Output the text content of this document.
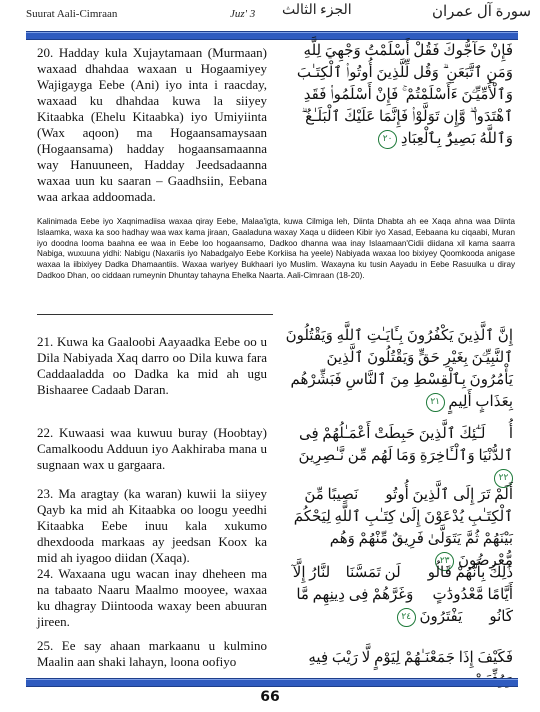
Suurat Aali-Cimraan	Juz' 3 الجزء الثالث	سورة آل عمران
20. Hadday kula Xujaytamaan (Murmaan) waxaad dhahdaa waxaan u Hogaamiyey Wajigayga Eebe (Ani) iyo inta i raacday, waxaad ku dhahdaa kuwa la siiyey Kitaabka (Ehelu Kitaabka) iyo Umiyiinta (Wax aqoon) ma Hogaansamaysaan (Hogaansama) hadday hogaansamaanna way Hanuuneen, Hadday Jeedsadaanna waxaa uun ku saaran – Gaadhsiin, Eebana waa arkaa addoomada.
فَإِنْ حَآجُّوكَ فَقُلْ أَسْلَمْتُ وَجْهِيَ لِلَّهِ وَمَنِ ٱتَّبَعَنِ ۗ وَقُل لِّلَّذِينَ أُوتُوا۟ ٱلْكِتَـٰبَ وَٱلْأُمِّيِّـۧنَ ءَأَسْلَمْتُمْ ۚ فَإِنْ أَسْلَمُوا۟ فَقَدِ ٱهْتَدَوا۟ ۖ وَّإِن تَوَلَّوْا۟ فَإِنَّمَا عَلَيْكَ ٱلْبَلَـٰغُ ۗ وَٱللَّهُ بَصِيرٌۢ بِٱلْعِبَادِ ٢٠
Kalinimada Eebe iyo Xaqnimadiisa waxaa qiray Eebe, Malaa'igta, kuwa Cilmiga leh, Diinta Dhabta ah ee Xaqa ahna waa Diinta Islaamka, waxa ka soo hadhay waa wax kama jiraan, Gaaladuna waxay Xaqa u diideen Kibir iyo Xasad, Eebaana ku ciqaabi, Muran iyo doodna looma baahna ee waa in Eebe loo hogaansamo, Dadkoo dhanna waa inay Islaamaan'Cidii diidana xil kama saarra Nabiga, wuxuuna yidhi: Nabigu (Naxariis iyo Nabadgalyo Eebe Korkiisa ha yeele) Nabiyada waxaa loo bixiyey Qoomkooda anigase waxaa la iibixiyey Dadka Dhamaantiis. Waxaa wariyey Bukhaari iyo Muslim. Waxayna ku tusin Aayadu in Eebe Rasuulka u diray Dadkoo Dhan, oo ciddaan rumeynin Dhuntay tahayna Ehelka Naarta. Aali-Cimraan (18-20).
21. Kuwa ka Gaaloobi Aayaadka Eebe oo u Dila Nabiyada Xaq darro oo Dila kuwa fara Caddaaladda oo Dadka ka mid ah ugu Bishaaree Cadaab Daran.
إِنَّ ٱلَّذِينَ يَكْفُرُونَ بِـَٔايَـٰتِ ٱللَّهِ وَيَقْتُلُونَ ٱلنَّبِيِّـۧنَ بِغَيْرِ حَقٍّ وَيَقْتُلُونَ ٱلَّذِينَ يَأْمُرُونَ بِٱلْقِسْطِ مِنَ ٱلنَّاسِ فَبَشِّرْهُم بِعَذَابٍ أَلِيمٍ ٢١
22. Kuwaasi waa kuwuu buray (Hoobtay) Camalkoodu Adduun iyo Aakhiraba mana u sugnaan wax u gargaara.
أُو۟لَـٰٓئِكَ ٱلَّذِينَ حَبِطَتْ أَعْمَـٰلُهُمْ فِى ٱلدُّنْيَا وَٱلْـَٔاخِرَةِ وَمَا لَهُم مِّن نَّـٰصِرِينَ ٢٢
23. Ma aragtay (ka waran) kuwii la siiyey Qayb ka mid ah Kitaabka oo loogu yeedhi Kitaabka Eebe inuu kala xukumo dhexdooda markaas ay jeedsan Koox ka mid ah iyagoo diidan (Xaqa).
أَلَمْ تَرَ إِلَى ٱلَّذِينَ أُوتُوا۟ نَصِيبًا مِّنَ ٱلْكِتَـٰبِ يُدْعَوْنَ إِلَىٰ كِتَـٰبِ ٱللَّهِ لِيَحْكُمَ بَيْنَهُمْ ثُمَّ يَتَوَلَّىٰ فَرِيقٌ مِّنْهُمْ وَهُم مُّعْرِضُونَ ٢٣
24. Waxaana ugu wacan inay dheheen ma na tabaato Naaru Maalmo mooyee, waxaa ku dhagray Diintooda waxay been abuuran jireen.
ذَٰلِكَ بِأَنَّهُمْ قَالُوا۟ لَن تَمَسَّنَا ٱلنَّارُ إِلَّآ أَيَّامًا مَّعْدُودَٰتٍ ۖ وَغَرَّهُمْ فِى دِينِهِم مَّا كَانُوا۟ يَفْتَرُونَ ٢٤
25. Ee say ahaan markaanu u kulmino Maalin aan shaki lahayn, loona oofiyo	فَكَيْفَ إِذَا جَمَعْنَـٰهُمْ لِيَوْمٍ لَّا رَيْبَ فِيهِ
66
